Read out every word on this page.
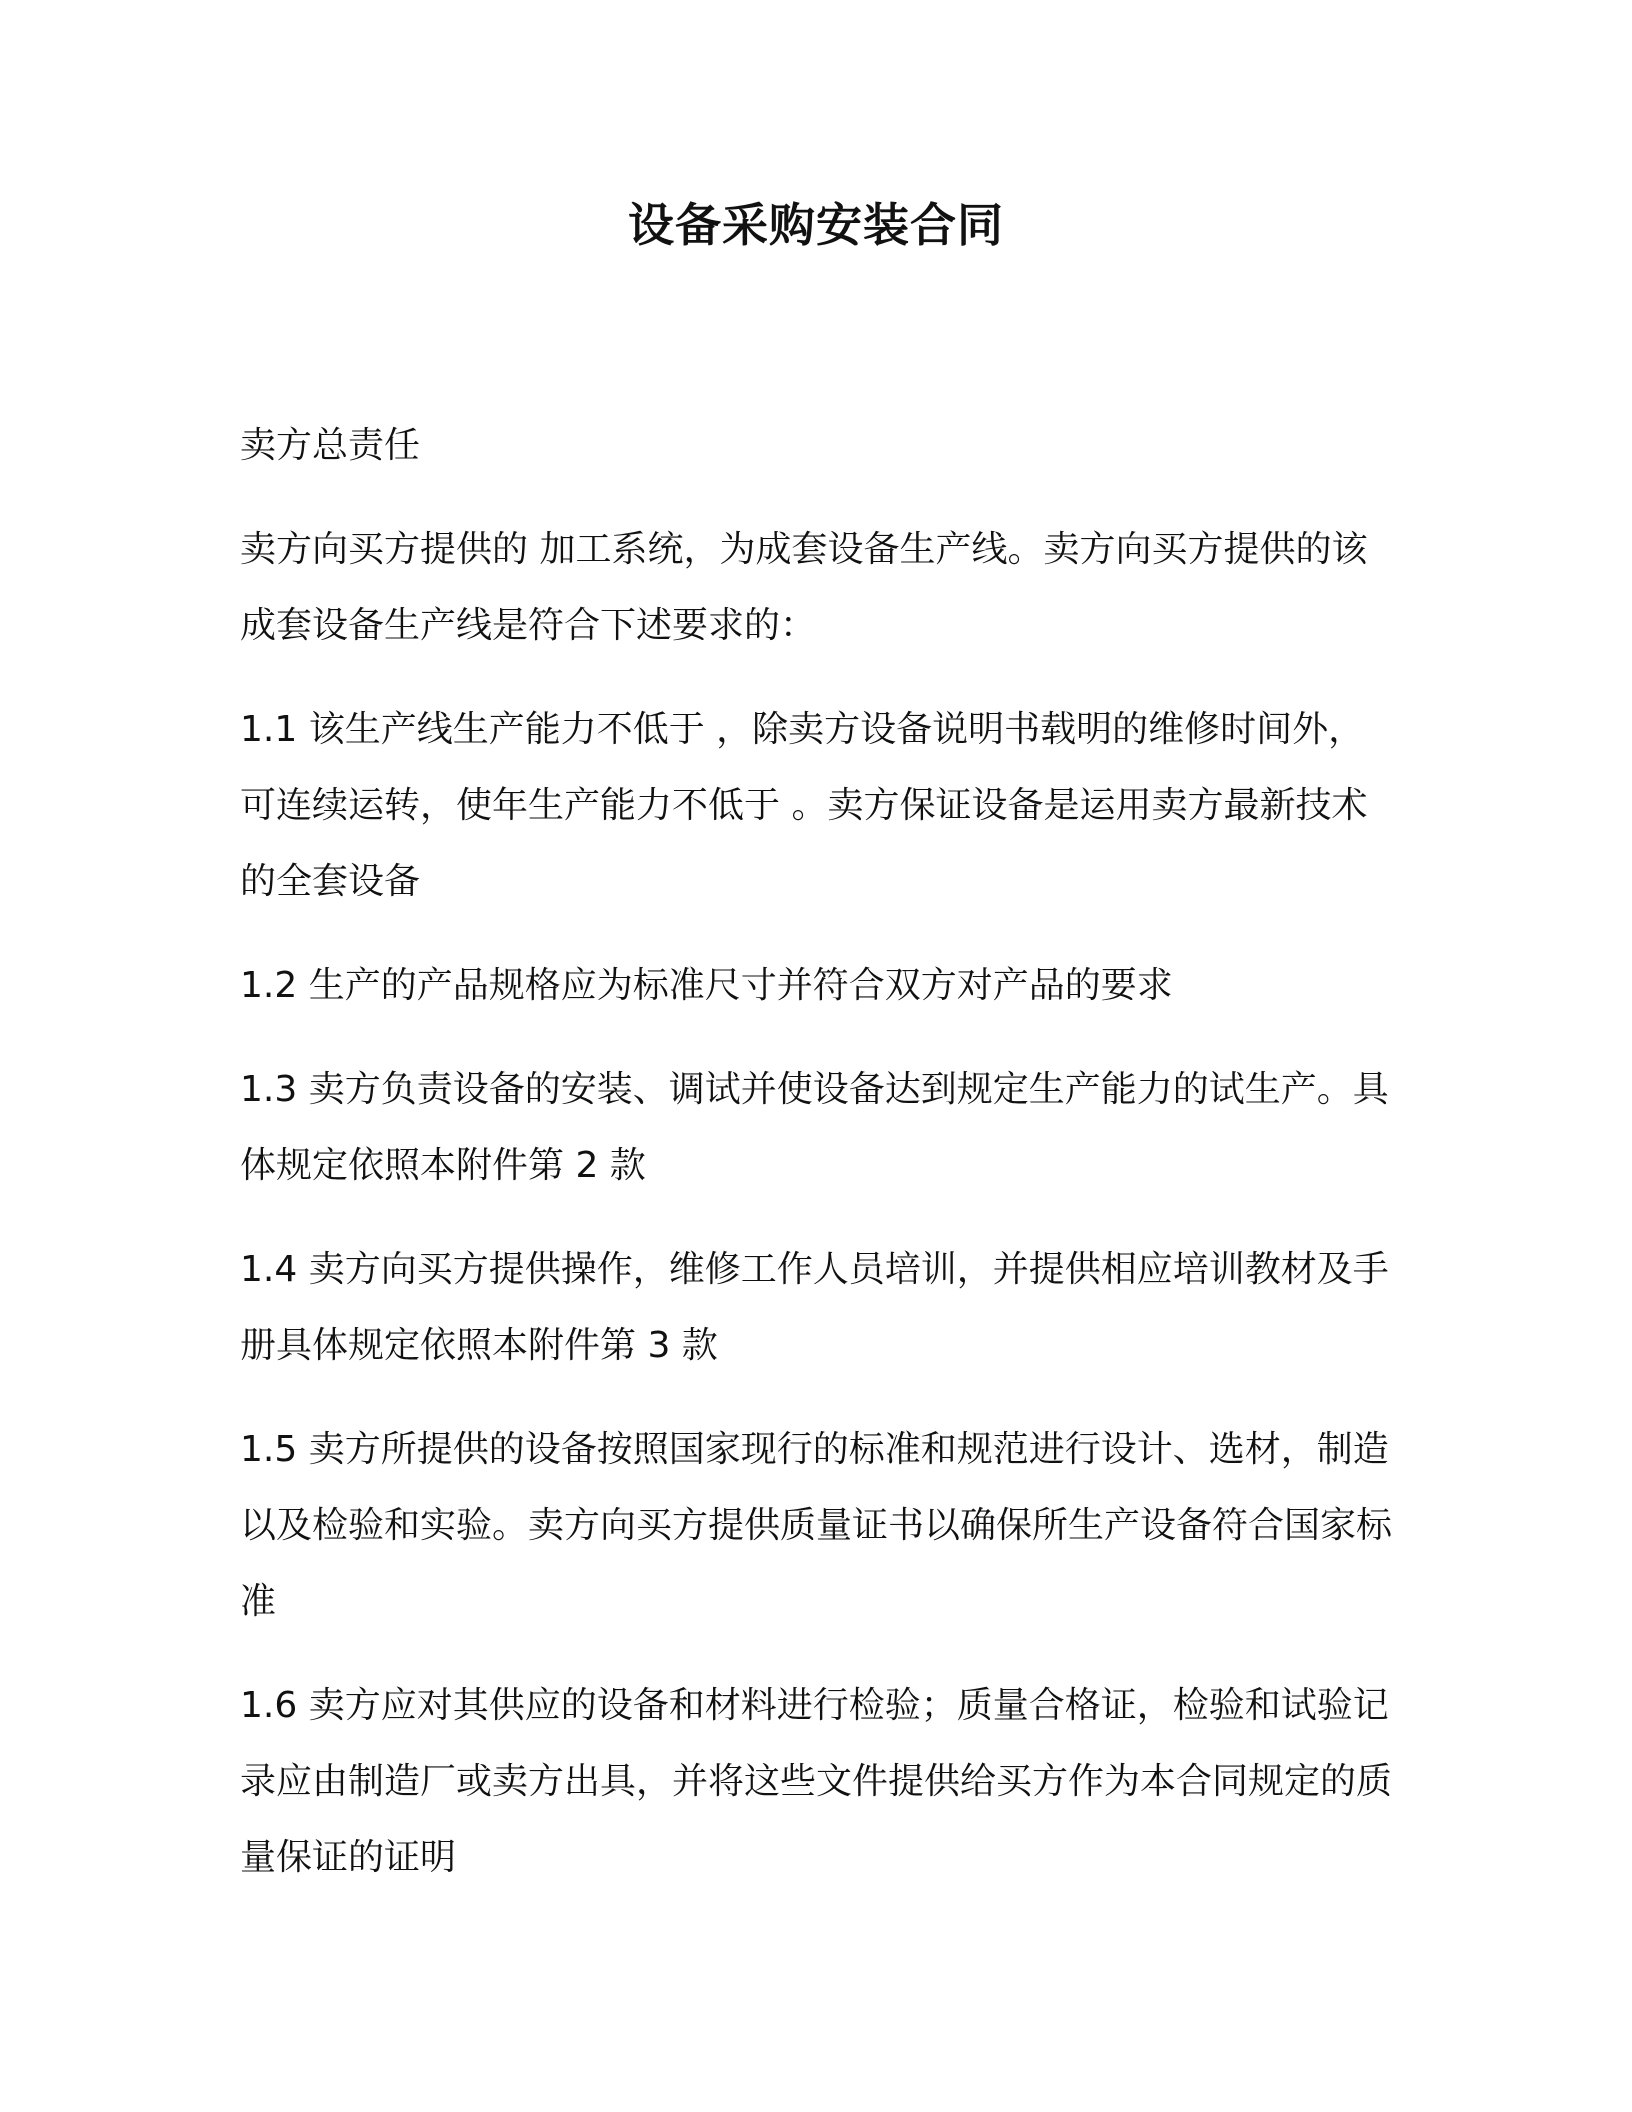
设备采购安装合同

卖方总责任

卖方向买方提供的 加工系统，为成套设备生产线。卖方向买方提供的该成套设备生产线是符合下述要求的：

1.1 该生产线生产能力不低于 ，除卖方设备说明书载明的维修时间外，可连续运转，使年生产能力不低于 。卖方保证设备是运用卖方最新技术的全套设备

1.2 生产的产品规格应为标准尺寸并符合双方对产品的要求

1.3 卖方负责设备的安装、调试并使设备达到规定生产能力的试生产。具体规定依照本附件第 2 款

1.4 卖方向买方提供操作，维修工作人员培训，并提供相应培训教材及手册具体规定依照本附件第 3 款

1.5 卖方所提供的设备按照国家现行的标准和规范进行设计、选材，制造以及检验和实验。卖方向买方提供质量证书以确保所生产设备符合国家标准

1.6 卖方应对其供应的设备和材料进行检验；质量合格证，检验和试验记录应由制造厂或卖方出具，并将这些文件提供给买方作为本合同规定的质量保证的证明
